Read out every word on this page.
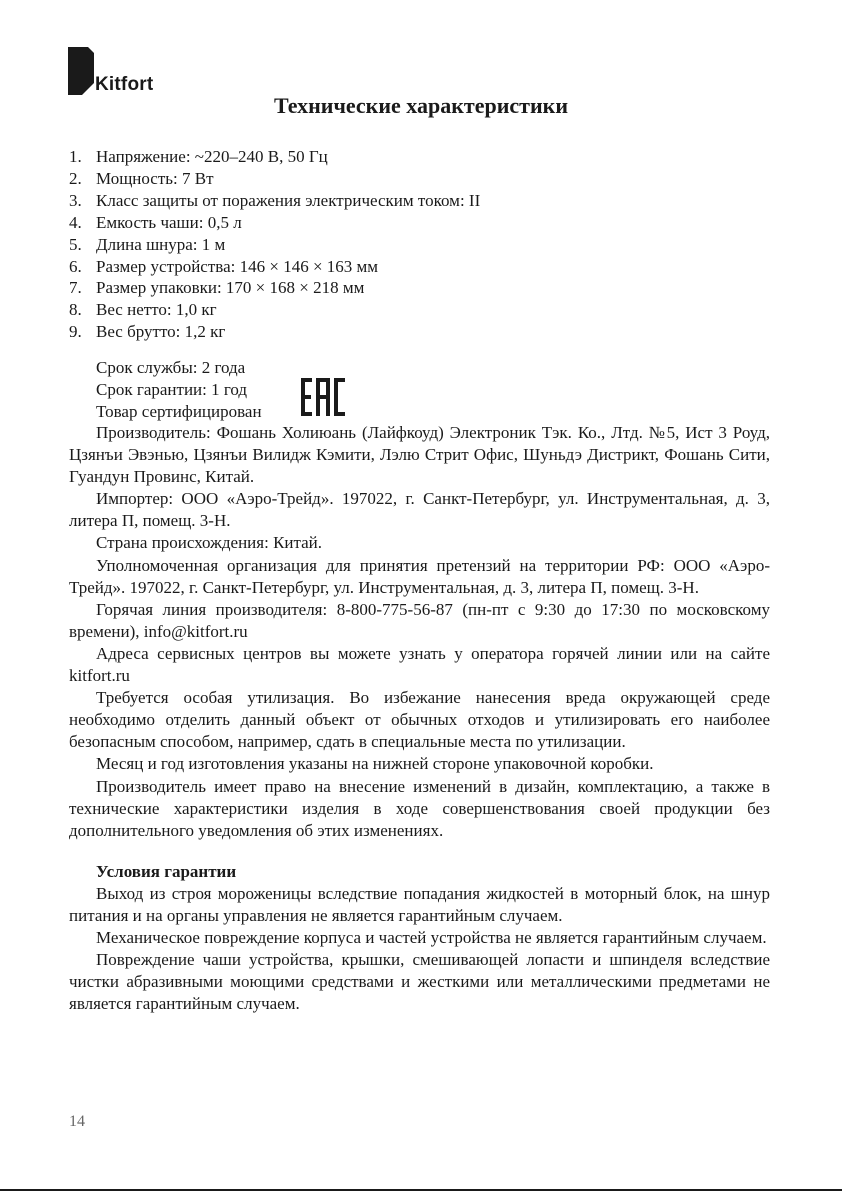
Kitfort
Технические характеристики
1. Напряжение: ~220–240 В, 50 Гц
2. Мощность: 7 Вт
3. Класс защиты от поражения электрическим током: II
4. Емкость чаши: 0,5 л
5. Длина шнура: 1 м
6. Размер устройства: 146 × 146 × 163 мм
7. Размер упаковки: 170 × 168 × 218 мм
8. Вес нетто: 1,0 кг
9. Вес брутто: 1,2 кг
Срок службы: 2 года
Срок гарантии: 1 год
Товар сертифицирован

Производитель: Фошань Холиюань (Лайфкоуд) Электроник Тэк. Ко., Лтд. №5, Ист 3 Роуд, Цзянъи Эвэнью, Цзянъи Вилидж Кэмити, Лэлю Стрит Офис, Шуньдэ Дистрикт, Фошань Сити, Гуандун Провинс, Китай.

Импортер: ООО «Аэро-Трейд». 197022, г. Санкт-Петербург, ул. Инструментальная, д. 3, литера П, помещ. 3-Н.

Страна происхождения: Китай.

Уполномоченная организация для принятия претензий на территории РФ: ООО «Аэро-Трейд». 197022, г. Санкт-Петербург, ул. Инструментальная, д. 3, литера П, помещ. 3-Н.

Горячая линия производителя: 8-800-775-56-87 (пн-пт с 9:30 до 17:30 по московскому времени), info@kitfort.ru

Адреса сервисных центров вы можете узнать у оператора горячей линии или на сайте kitfort.ru

Требуется особая утилизация. Во избежание нанесения вреда окружающей среде необходимо отделить данный объект от обычных отходов и утилизировать его наиболее безопасным способом, например, сдать в специальные места по утилизации.

Месяц и год изготовления указаны на нижней стороне упаковочной коробки.

Производитель имеет право на внесение изменений в дизайн, комплектацию, а также в технические характеристики изделия в ходе совершенствования своей продукции без дополнительного уведомления об этих изменениях.

Условия гарантии

Выход из строя мороженицы вследствие попадания жидкостей в моторный блок, на шнур питания и на органы управления не является гарантийным случаем.

Механическое повреждение корпуса и частей устройства не является гарантийным случаем.

Повреждение чаши устройства, крышки, смешивающей лопасти и шпинделя вследствие чистки абразивными моющими средствами и жесткими или металлическими предметами не является гарантийным случаем.

14
